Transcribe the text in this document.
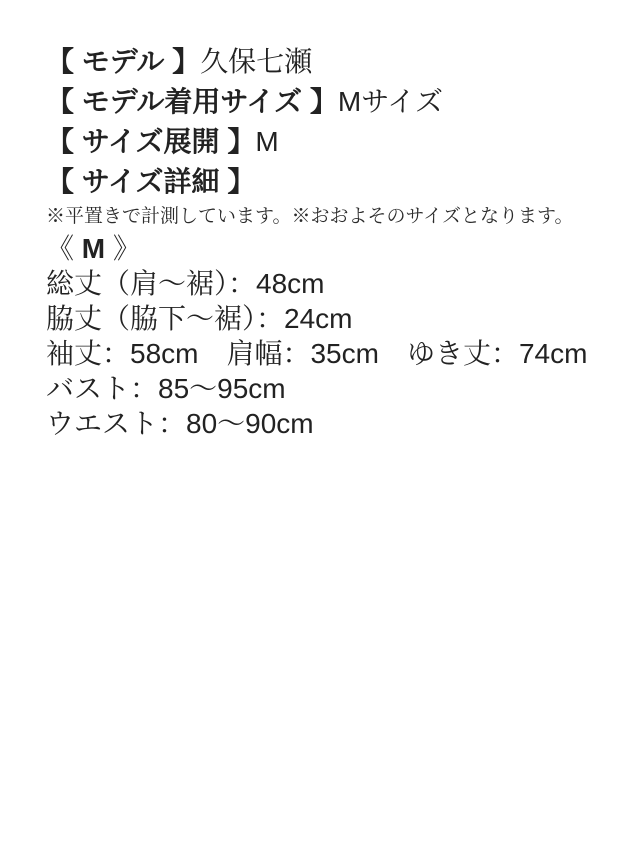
【 モデル 】久保七瀬
【 モデル着用サイズ 】Mサイズ
【 サイズ展開 】M
【 サイズ詳細 】
※平置きで計測しています。※おおよそのサイズとなります。
《 M 》
総丈（肩〜裾）：48cm
脇丈（脇下〜裾）：24cm
袖丈：58cm　肩幅：35cm　ゆき丈：74cm
バスト：85〜95cm
ウエスト：80〜90cm
